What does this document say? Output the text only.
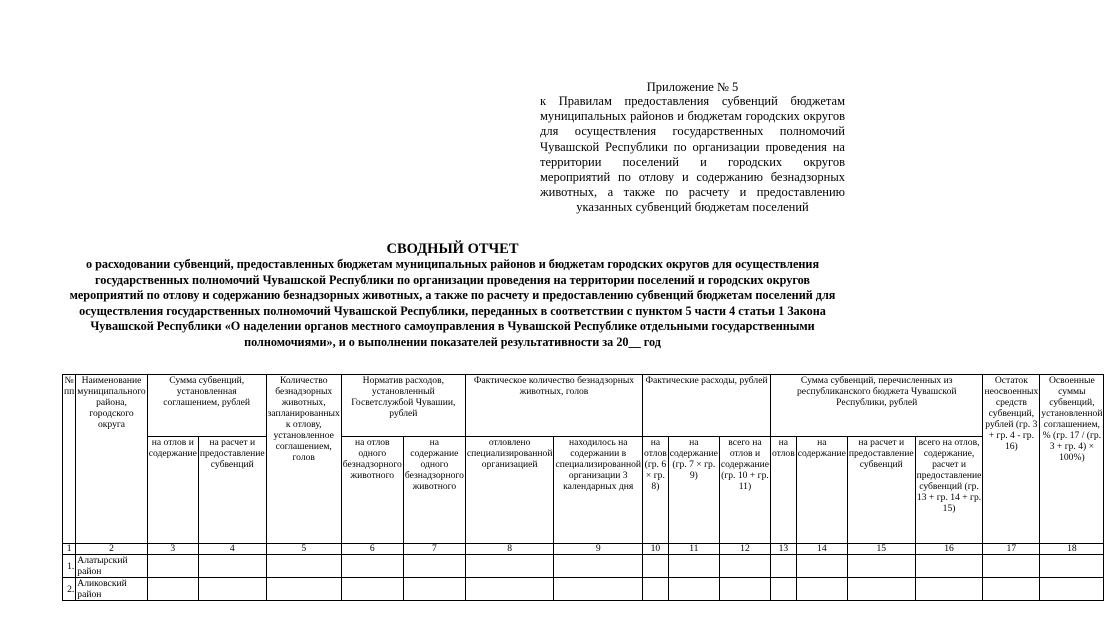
Приложение № 5
к Правилам предоставления субвенций бюджетам муниципальных районов и бюджетам городских округов для осуществления государственных полномочий Чувашской Республики по организации проведения на территории поселений и городских округов мероприятий по отлову и содержанию безнадзорных животных, а также по расчету и предоставлению указанных субвенций бюджетам поселений
СВОДНЫЙ ОТЧЕТ
о расходовании субвенций, предоставленных бюджетам муниципальных районов и бюджетам городских округов для осуществления государственных полномочий Чувашской Республики по организации проведения на территории поселений и городских округов мероприятий по отлову и содержанию безнадзорных животных, а также по расчету и предоставлению субвенций бюджетам поселений для осуществления государственных полномочий Чувашской Республики, переданных в соответствии с пунктом 5 части 4 статьи 1 Закона Чувашской Республики «О наделении органов местного самоуправления в Чувашской Республике отдельными государственными полномочиями», и о выполнении показателей результативности за 20__ год
№ пп	Наименование муниципального района, городского округа	Сумма субвенций, установленная соглашением, рублей		Количество безнадзорных животных, запланированных к отлову, установленное соглашением, голов	Норматив расходов, установленный Госветслужбой Чувашии, рублей		Фактическое количество безнадзорных животных, голов		Фактические расходы, рублей			Сумма субвенций, перечисленных из республиканского бюджета Чувашской Республики, рублей				Остаток неосвоенных средств субвенций, рублей (гр. 3 + гр. 4 - гр. 16)	Освоенные суммы субвенций, установленной соглашением, % (гр. 17 / (гр. 3 + гр. 4) × 100%)
		на отлов и содержание	на расчет и предоставление субвенций		на отлов одного безнадзорного животного	на содержание одного безнадзорного животного	отловлено специализированной организацией	находилось на содержании в специализированной организации 3 календарных дня	на отлов (гр. 6 × гр. 8)	на содержание (гр. 7 × гр. 9)	всего на отлов и содержание (гр. 10 + гр. 11)	на отлов	на содержание	на расчет и предоставление субвенций	всего на отлов, содержание, расчет и предоставление субвенций (гр. 13 + гр. 14 + гр. 15)		
1	2	3	4	5	6	7	8	9	10	11	12	13	14	15	16	17	18
1.	Алатырский район																
2.	Аликовский район																
